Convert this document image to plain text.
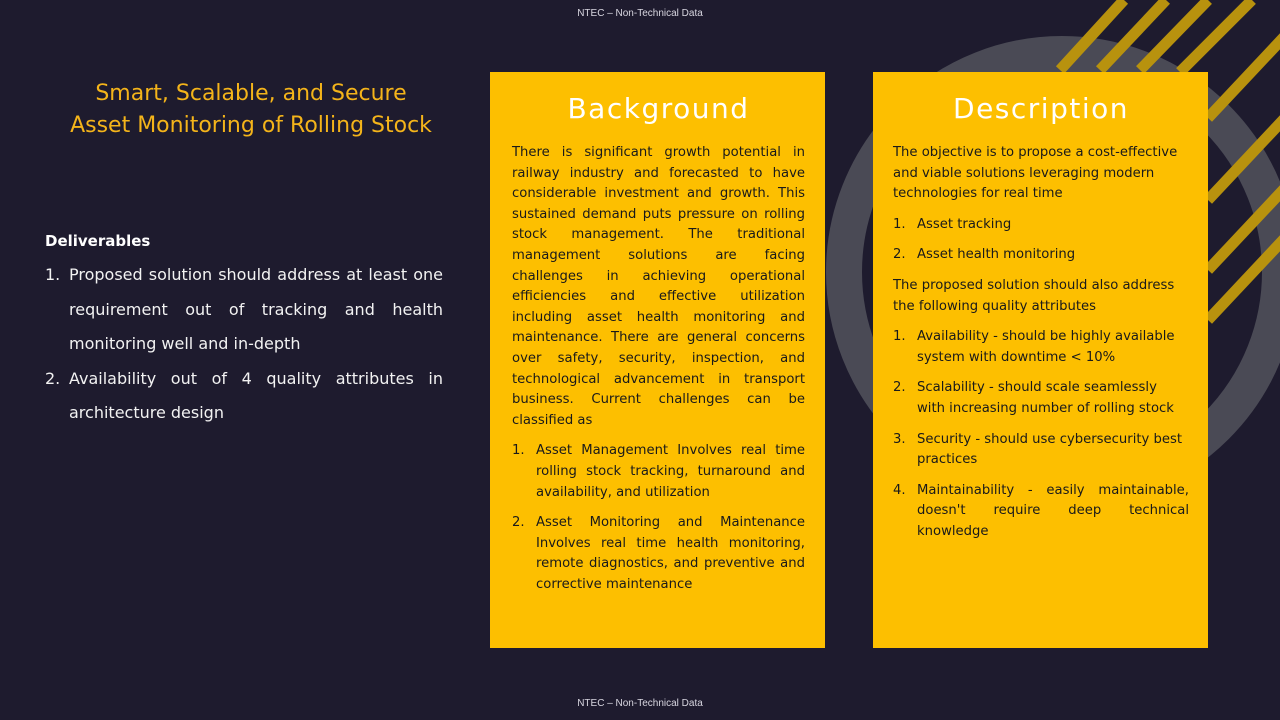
NTEC – Non-Technical Data
Smart, Scalable, and Secure
Asset Monitoring of Rolling Stock
Deliverables
1. Proposed solution should address at least one requirement out of tracking and health monitoring well and in-depth
2. Availability out of 4 quality attributes in architecture design
Background

There is significant growth potential in railway industry and forecasted to have considerable investment and growth. This sustained demand puts pressure on rolling stock management. The traditional management solutions are facing challenges in achieving operational efficiencies and effective utilization including asset health monitoring and maintenance. There are general concerns over safety, security, inspection, and technological advancement in transport business. Current challenges can be classified as

1. Asset Management Involves real time rolling stock tracking, turnaround and availability, and utilization
2. Asset Monitoring and Maintenance Involves real time health monitoring, remote diagnostics, and preventive and corrective maintenance
Description

The objective is to propose a cost-effective and viable solutions leveraging modern technologies for real time

1. Asset tracking
2. Asset health monitoring

The proposed solution should also address the following quality attributes

1. Availability - should be highly available system with downtime < 10%
2. Scalability - should scale seamlessly with increasing number of rolling stock
3. Security - should use cybersecurity best practices
4. Maintainability - easily maintainable, doesn't require deep technical knowledge
NTEC – Non-Technical Data
